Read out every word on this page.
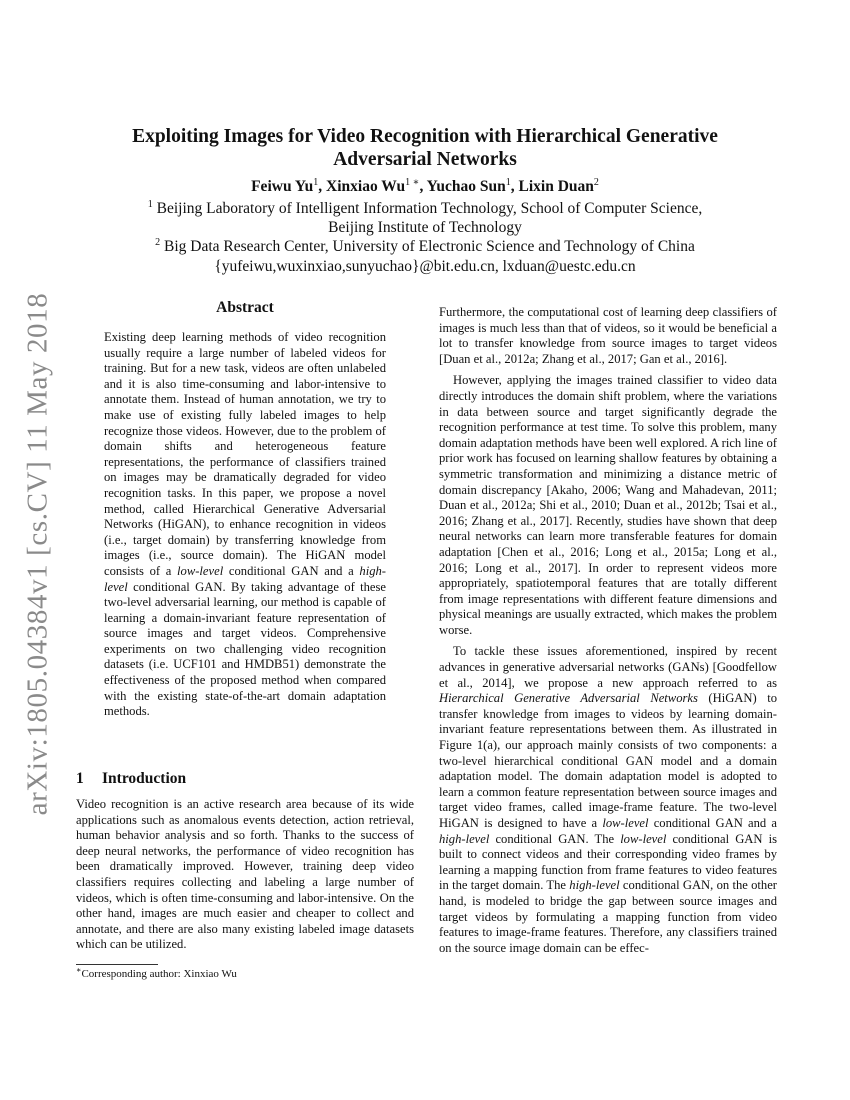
arXiv:1805.04384v1 [cs.CV] 11 May 2018
Exploiting Images for Video Recognition with Hierarchical Generative
Adversarial Networks
Feiwu Yu$^1$, Xinxiao $Wu^{1 ∗}$, Yuchao Sun$^1$, Lixin Duan$^2$
$^1$ Beijing Laboratory of Intelligent Information Technology, School of Computer Science,
Beijing Institute of Technology
$^2$ Big Data Research Center, University of Electronic Science and Technology of China
{yufeiwu,wuxinxiao,sunyuchao}@bit.edu.cn, lxduan@uestc.edu.cn
Abstract
Existing deep learning methods of video recognition usually require a large number of labeled videos for training. But for a new task, videos are often unlabeled and it is also time-consuming and labor-intensive to annotate them. Instead of human annotation, we try to make use of existing fully labeled images to help recognize those videos. However, due to the problem of domain shifts and heterogeneous feature representations, the performance of classifiers trained on images may be dramatically degraded for video recognition tasks. In this paper, we propose a novel method, called Hierarchical Generative Adversarial Networks (HiGAN), to enhance recognition in videos (i.e., target domain) by transferring knowledge from images (i.e., source domain). The HiGAN model consists of a low-level conditional GAN and a high-level conditional GAN. By taking advantage of these two-level adversarial learning, our method is capable of learning a domain-invariant feature representation of source images and target videos. Comprehensive experiments on two challenging video recognition datasets (i.e. UCF101 and HMDB51) demonstrate the effectiveness of the proposed method when compared with the existing state-of-the-art domain adaptation methods.
1 Introduction
Video recognition is an active research area because of its wide applications such as anomalous events detection, action retrieval, human behavior analysis and so forth. Thanks to the success of deep neural networks, the performance of video recognition has been dramatically improved. However, training deep video classifiers requires collecting and labeling a large number of videos, which is often time-consuming and labor-intensive. On the other hand, images are much easier and cheaper to collect and annotate, and there are also many existing labeled image datasets which can be utilized.
∗Corresponding author: Xinxiao Wu

Furthermore, the computational cost of learning deep classifiers of images is much less than that of videos, so it would be beneficial a lot to transfer knowledge from source images to target videos [Duan et al., 2012a; Zhang et al., 2017; Gan et al., 2016].

However, applying the images trained classifier to video data directly introduces the domain shift problem, where the variations in data between source and target significantly degrade the recognition performance at test time. To solve this problem, many domain adaptation methods have been well explored. A rich line of prior work has focused on learning shallow features by obtaining a symmetric transformation and minimizing a distance metric of domain discrepancy [Akaho, 2006; Wang and Mahadevan, 2011; Duan et al., 2012a; Shi et al., 2010; Duan et al., 2012b; Tsai et al., 2016; Zhang et al., 2017]. Recently, studies have shown that deep neural networks can learn more transferable features for domain adaptation [Chen et al., 2016; Long et al., 2015a; Long et al., 2016; Long et al., 2017]. In order to represent videos more appropriately, spatiotemporal features that are totally different from image representations with different feature dimensions and physical meanings are usually extracted, which makes the problem worse.

To tackle these issues aforementioned, inspired by recent advances in generative adversarial networks (GANs) [Goodfellow et al., 2014], we propose a new approach referred to as Hierarchical Generative Adversarial Networks (HiGAN) to transfer knowledge from images to videos by learning domain-invariant feature representations between them. As illustrated in Figure 1(a), our approach mainly consists of two components: a two-level hierarchical conditional GAN model and a domain adaptation model. The domain adaptation model is adopted to learn a common feature representation between source images and target video frames, called image-frame feature. The two-level HiGAN is designed to have a low-level conditional GAN and a high-level conditional GAN. The low-level conditional GAN is built to connect videos and their corresponding video frames by learning a mapping function from frame features to video features in the target domain. The high-level conditional GAN, on the other hand, is modeled to bridge the gap between source images and target videos by formulating a mapping function from video features to image-frame features. Therefore, any classifiers trained on the source image domain can be effec-
